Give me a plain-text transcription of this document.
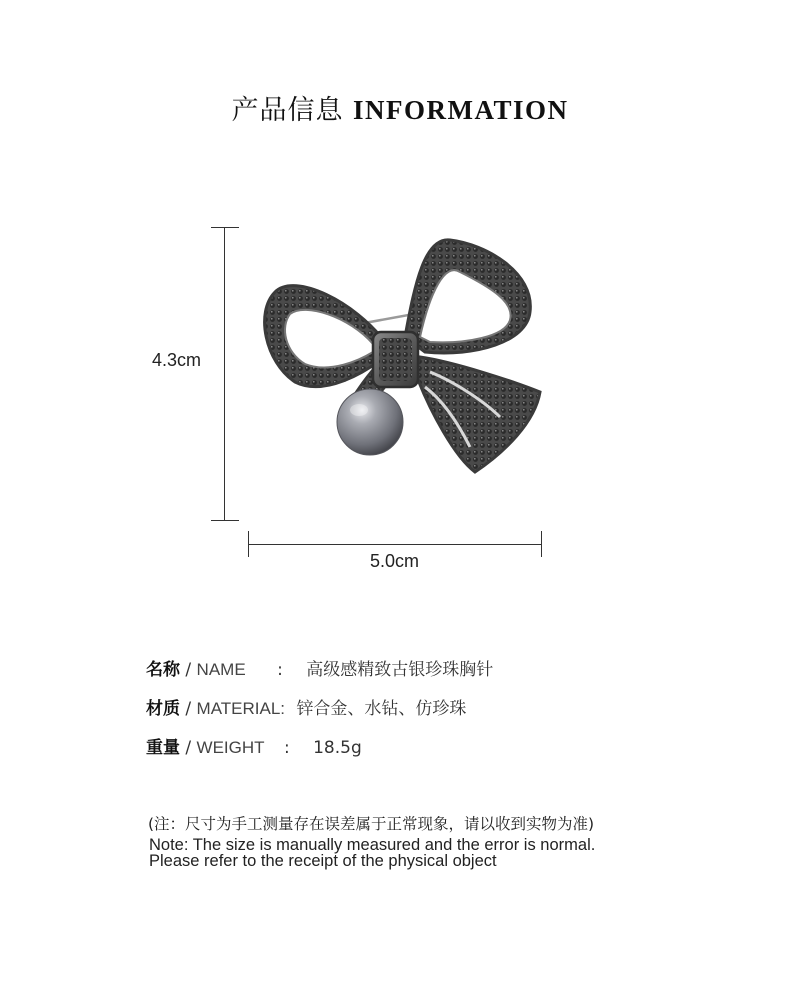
产品信息 INFORMATION
4.3cm
5.0cm
名称 / NAME : 高级感精致古银珍珠胸针
材质 / MATERIAL: 锌合金、水钻、仿珍珠
重量 / WEIGHT : 18.5g
(注：尺寸为手工测量存在误差属于正常现象，请以收到实物为准)
Note: The size is manually measured and the error is normal.
Please refer to the receipt of the physical object
